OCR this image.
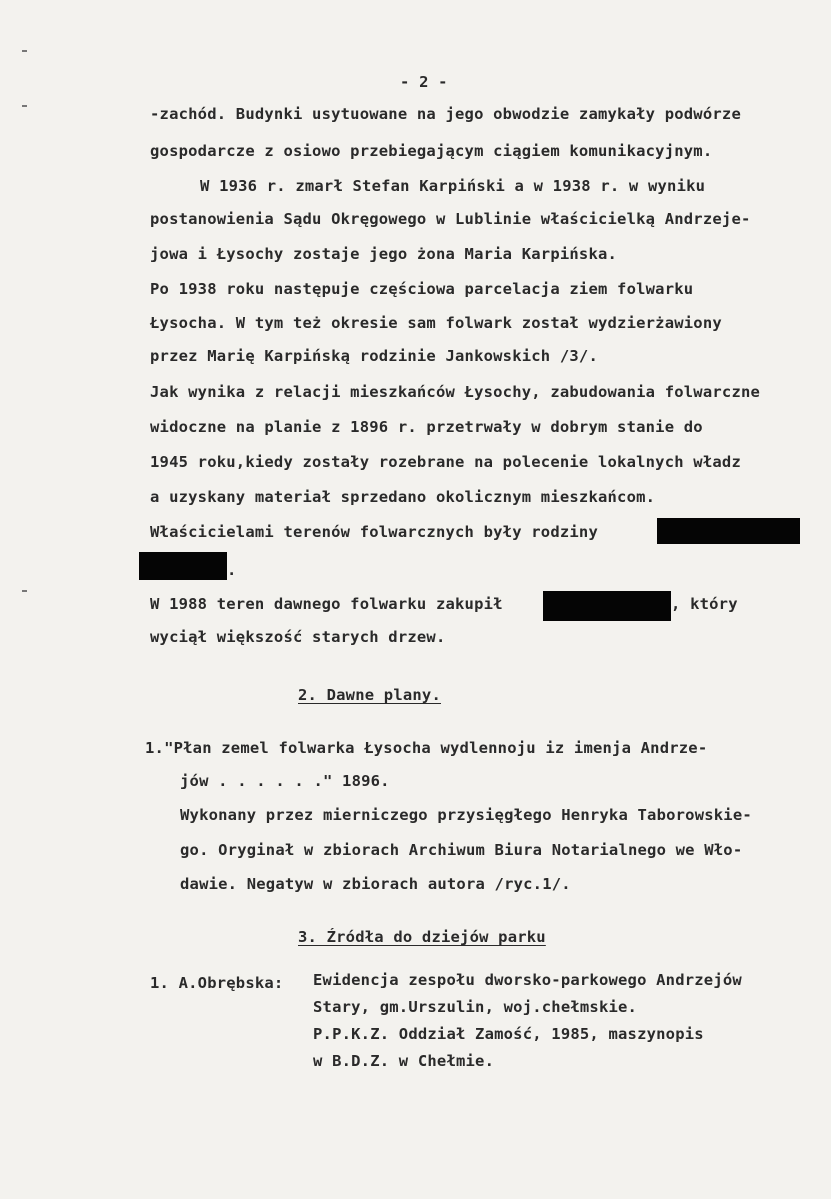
- 2 -
-zachód. Budynki usytuowane na jego obwodzie zamykały podwórze
gospodarcze z osiowo przebiegającym ciągiem komunikacyjnym.
W 1936 r. zmarł Stefan Karpiński a w 1938 r. w wyniku
postanowienia Sądu Okręgowego w Lublinie właścicielką Andrzeje-
jowa i Łysochy zostaje jego żona Maria Karpińska.
Po 1938 roku następuje częściowa parcelacja ziem folwarku
Łysocha. W tym też okresie sam folwark został wydzierżawiony
przez Marię Karpińską rodzinie Jankowskich /3/.
Jak wynika z relacji mieszkańców Łysochy, zabudowania folwarczne
widoczne na planie z 1896 r. przetrwały w dobrym stanie do
1945 roku,kiedy zostały rozebrane na polecenie lokalnych władz
a uzyskany materiał sprzedano okolicznym mieszkańcom.
Właścicielami terenów folwarcznych były rodziny
.
W 1988 teren dawnego folwarku zakupił	, który
wyciął większość starych drzew.
2. Dawne plany.
1."Płan zemel folwarka Łysocha wydlennoju iz imenja Andrze-
jów . . . . . ." 1896.
Wykonany przez mierniczego przysięgłego Henryka Taborowskie-
go. Oryginał w zbiorach Archiwum Biura Notarialnego we Wło-
dawie. Negatyw w zbiorach autora /ryc.1/.
3. Źródła do dziejów parku
1. A.Obrębska: Ewidencja zespołu dworsko-parkowego Andrzejów
Stary, gm.Urszulin, woj.chełmskie.
P.P.K.Z. Oddział Zamość, 1985, maszynopis
w B.D.Z. w Chełmie.
